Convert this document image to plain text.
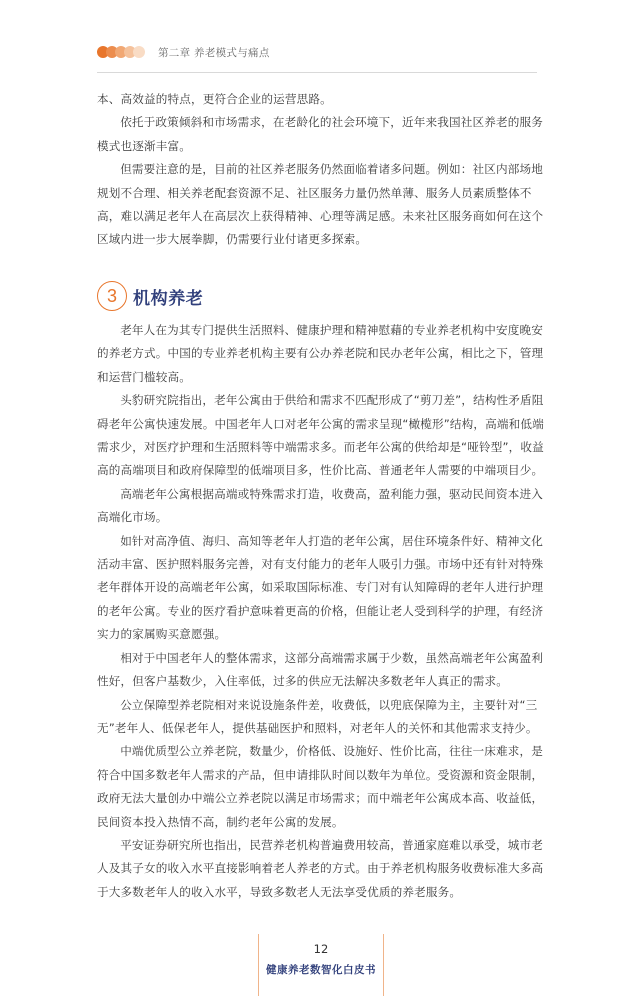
第二章 养老模式与痛点

本、高效益的特点，更符合企业的运营思路。

依托于政策倾斜和市场需求，在老龄化的社会环境下，近年来我国社区养老的服务模式也逐渐丰富。

但需要注意的是，目前的社区养老服务仍然面临着诸多问题。例如：社区内部场地规划不合理、相关养老配套资源不足、社区服务力量仍然单薄、服务人员素质整体不高，难以满足老年人在高层次上获得精神、心理等满足感。未来社区服务商如何在这个区域内进一步大展拳脚，仍需要行业付诸更多探索。

3 机构养老

老年人在为其专门提供生活照料、健康护理和精神慰藉的专业养老机构中安度晚安的养老方式。中国的专业养老机构主要有公办养老院和民办老年公寓，相比之下，管理和运营门槛较高。

头豹研究院指出，老年公寓由于供给和需求不匹配形成了“剪刀差”，结构性矛盾阻碍老年公寓快速发展。中国老年人口对老年公寓的需求呈现“橄榄形”结构，高端和低端需求少，对医疗护理和生活照料等中端需求多。而老年公寓的供给却是“哑铃型”，收益高的高端项目和政府保障型的低端项目多，性价比高、普通老年人需要的中端项目少。

高端老年公寓根据高端或特殊需求打造，收费高，盈利能力强，驱动民间资本进入高端化市场。

如针对高净值、海归、高知等老年人打造的老年公寓，居住环境条件好、精神文化活动丰富、医护照料服务完善，对有支付能力的老年人吸引力强。市场中还有针对特殊老年群体开设的高端老年公寓，如采取国际标准、专门对有认知障碍的老年人进行护理的老年公寓。专业的医疗看护意味着更高的价格，但能让老人受到科学的护理，有经济实力的家属购买意愿强。

相对于中国老年人的整体需求，这部分高端需求属于少数，虽然高端老年公寓盈利性好，但客户基数少，入住率低，过多的供应无法解决多数老年人真正的需求。

公立保障型养老院相对来说设施条件差，收费低，以兜底保障为主，主要针对“三无”老年人、低保老年人，提供基础医护和照料，对老年人的关怀和其他需求支持少。

中端优质型公立养老院，数量少，价格低、设施好、性价比高，往往一床难求，是符合中国多数老年人需求的产品，但申请排队时间以数年为单位。受资源和资金限制，政府无法大量创办中端公立养老院以满足市场需求；而中端老年公寓成本高、收益低，民间资本投入热情不高，制约老年公寓的发展。

平安证券研究所也指出，民营养老机构普遍费用较高，普通家庭难以承受，城市老人及其子女的收入水平直接影响着老人养老的方式。由于养老机构服务收费标准大多高于大多数老年人的收入水平，导致多数老人无法享受优质的养老服务。

12
健康养老数智化白皮书
